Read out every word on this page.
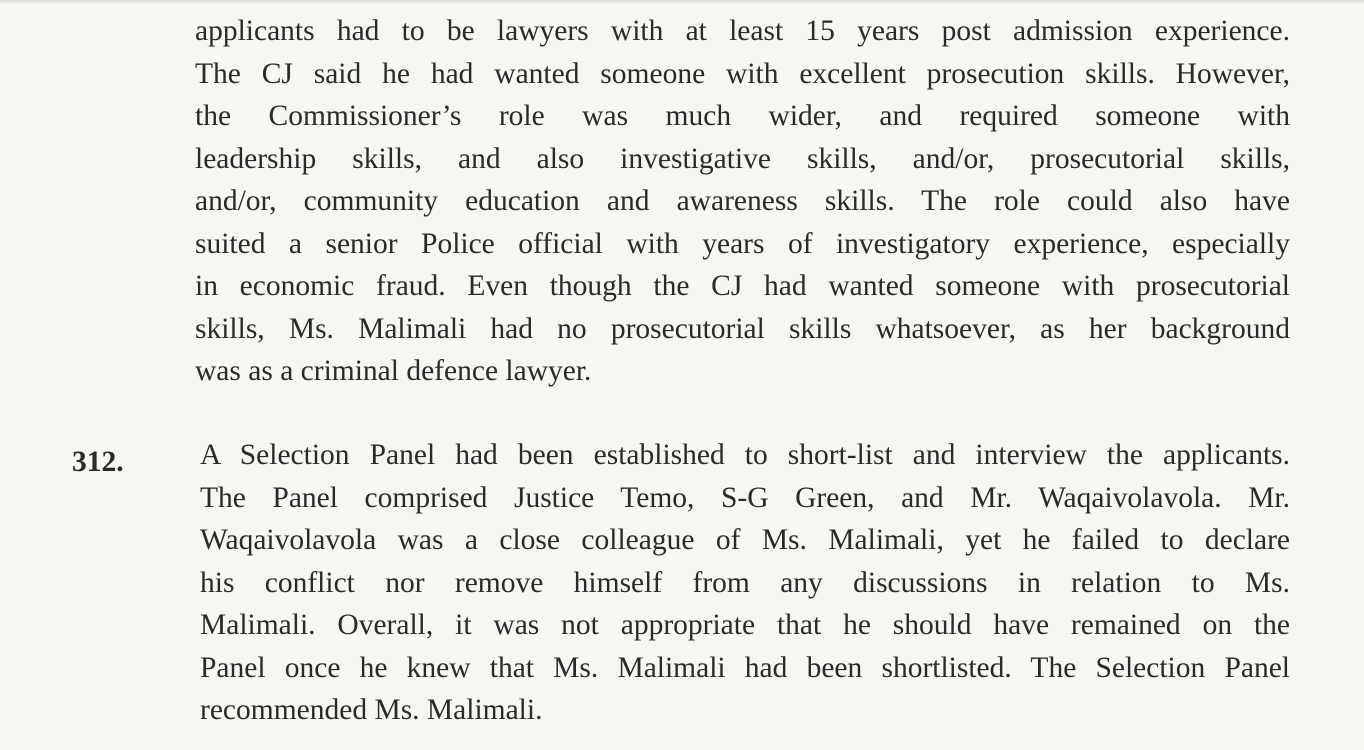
applicants had to be lawyers with at least 15 years post admission experience.
The CJ said he had wanted someone with excellent prosecution skills. However,
the Commissioner’s role was much wider, and required someone with
leadership skills, and also investigative skills, and/or, prosecutorial skills,
and/or, community education and awareness skills. The role could also have
suited a senior Police official with years of investigatory experience, especially
in economic fraud. Even though the CJ had wanted someone with prosecutorial
skills, Ms. Malimali had no prosecutorial skills whatsoever, as her background
was as a criminal defence lawyer.

312.	A Selection Panel had been established to short-list and interview the applicants.
The Panel comprised Justice Temo, S-G Green, and Mr. Waqaivolavola. Mr.
Waqaivolavola was a close colleague of Ms. Malimali, yet he failed to declare
his conflict nor remove himself from any discussions in relation to Ms.
Malimali. Overall, it was not appropriate that he should have remained on the
Panel once he knew that Ms. Malimali had been shortlisted. The Selection Panel
recommended Ms. Malimali.
